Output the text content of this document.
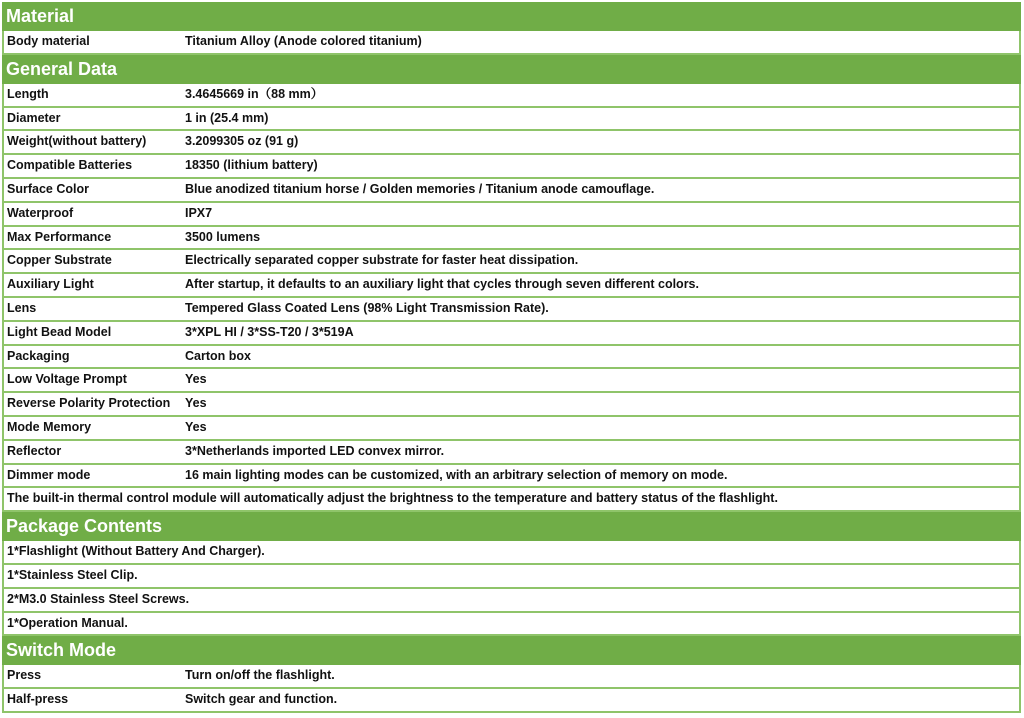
Material
Body material	Titanium Alloy (Anode colored titanium)
General Data
Length	3.4645669 in（88 mm）
Diameter	1 in (25.4 mm)
Weight(without battery)	3.2099305 oz (91 g)
Compatible Batteries	18350 (lithium battery)
Surface Color	Blue anodized titanium horse / Golden memories / Titanium anode camouflage.
Waterproof	IPX7
Max Performance	3500 lumens
Copper Substrate	Electrically separated copper substrate for faster heat dissipation.
Auxiliary Light	After startup, it defaults to an auxiliary light that cycles through seven different colors.
Lens	Tempered Glass Coated Lens (98% Light Transmission Rate).
Light Bead Model	3*XPL HI / 3*SS-T20 / 3*519A
Packaging	Carton box
Low Voltage Prompt	Yes
Reverse Polarity Protection	Yes
Mode Memory	Yes
Reflector	3*Netherlands imported LED convex mirror.
Dimmer mode	16 main lighting modes can be customized, with an arbitrary selection of memory on mode.
The built-in thermal control module will automatically adjust the brightness to the temperature and battery status of the flashlight.
Package Contents
1*Flashlight (Without Battery And Charger).
1*Stainless Steel Clip.
2*M3.0 Stainless Steel Screws.
1*Operation Manual.
Switch Mode
Press	Turn on/off the flashlight.
Half-press	Switch gear and function.
